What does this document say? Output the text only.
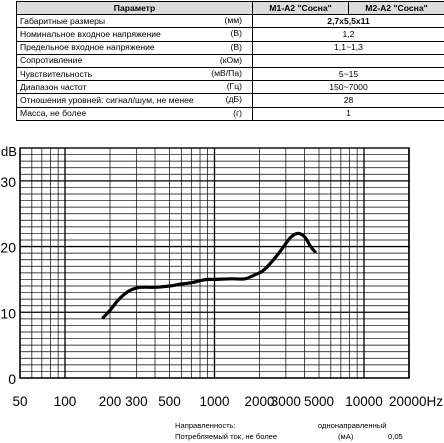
Параметр	М1-А2 "Сосна"	М2-А2 "Сосна"
Габаритные размеры (мм)	2,7х5,5х11	
Номинальное входное напряжение (В)	1,2	
Предельное входное напряжение (В)	1,1~1,3	
Сопротивление (кОм)		

Чувствительность (мВ/Па)	5~15	
Диапазон частот (Гц)	150~7000	
Отношения уровней: сигнал/шум, не менее (дБ)	28	
Масса, не более (г)	1	
0
10
20
30
50 100 200 300 500 1000 2000
3000 5000 10000 20000Hz
dB
Направленность:	однонаправленный
Потребляемый ток, не более	(мА)	0,05
